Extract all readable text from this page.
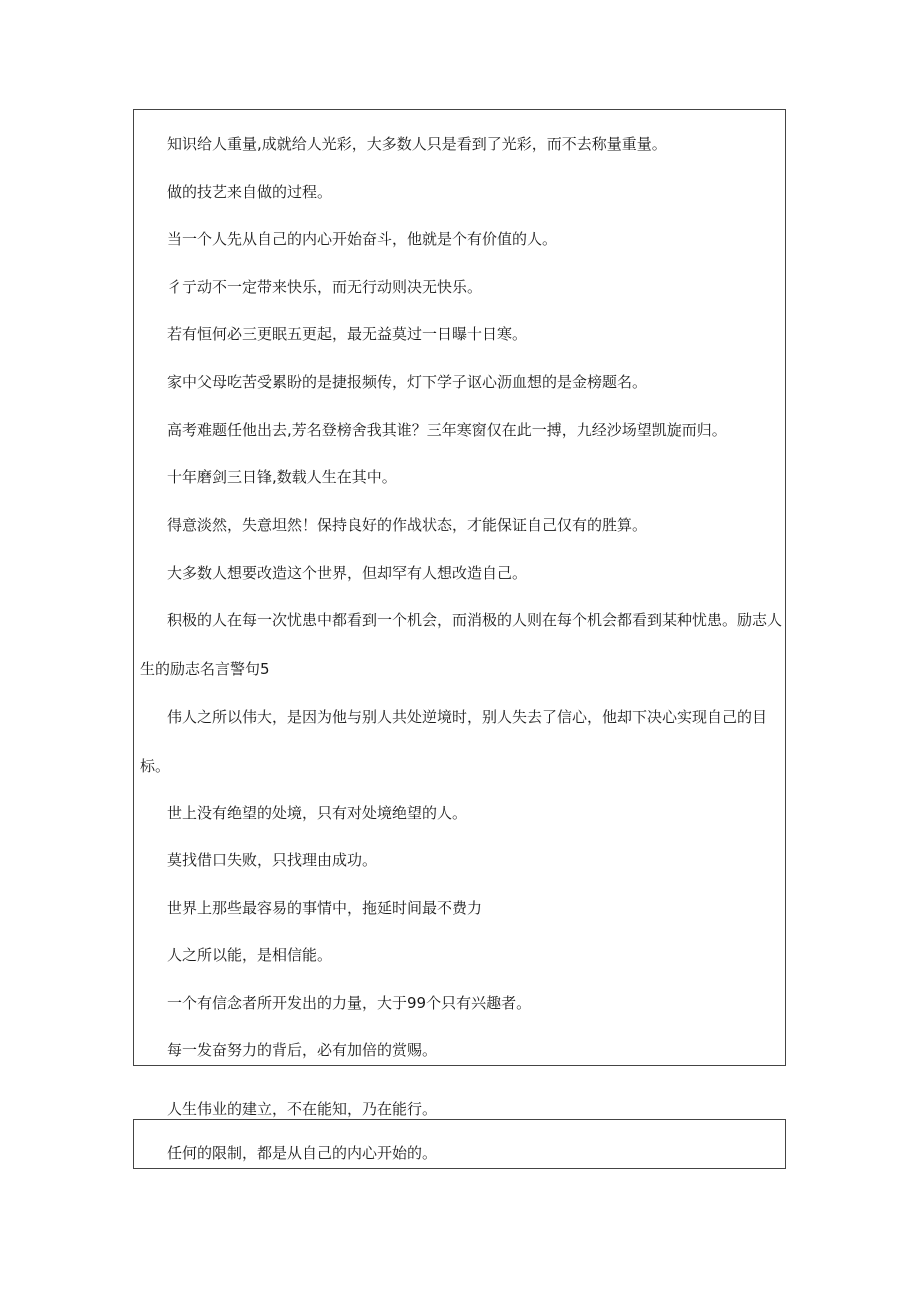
知识给人重量,成就给人光彩，大多数人只是看到了光彩，而不去称量重量。
做的技艺来自做的过程。
当一个人先从自己的内心开始奋斗，他就是个有价值的人。
彳亍动不一定带来快乐，而无行动则决无快乐。
若有恒何必三更眠五更起，最无益莫过一日曝十日寒。
家中父母吃苦受累盼的是捷报频传，灯下学子讴心沥血想的是金榜题名。
高考难题任他出去,芳名登榜舍我其谁？三年寒窗仅在此一搏，九经沙场望凯旋而归。
十年磨剑三日锋,数载人生在其中。
得意淡然，失意坦然！保持良好的作战状态，才能保证自己仅有的胜算。
大多数人想要改造这个世界，但却罕有人想改造自己。
积极的人在每一次忧患中都看到一个机会，而消极的人则在每个机会都看到某种忧患。励志人
生的励志名言警句5
伟人之所以伟大，是因为他与别人共处逆境时，别人失去了信心，他却下决心实现自己的目
标。
世上没有绝望的处境，只有对处境绝望的人。
莫找借口失败，只找理由成功。
世界上那些最容易的事情中，拖延时间最不费力
人之所以能，是相信能。
一个有信念者所开发出的力量，大于99个只有兴趣者。
每一发奋努力的背后，必有加倍的赏赐。
人生伟业的建立，不在能知，乃在能行。
任何的限制，都是从自己的内心开始的。
